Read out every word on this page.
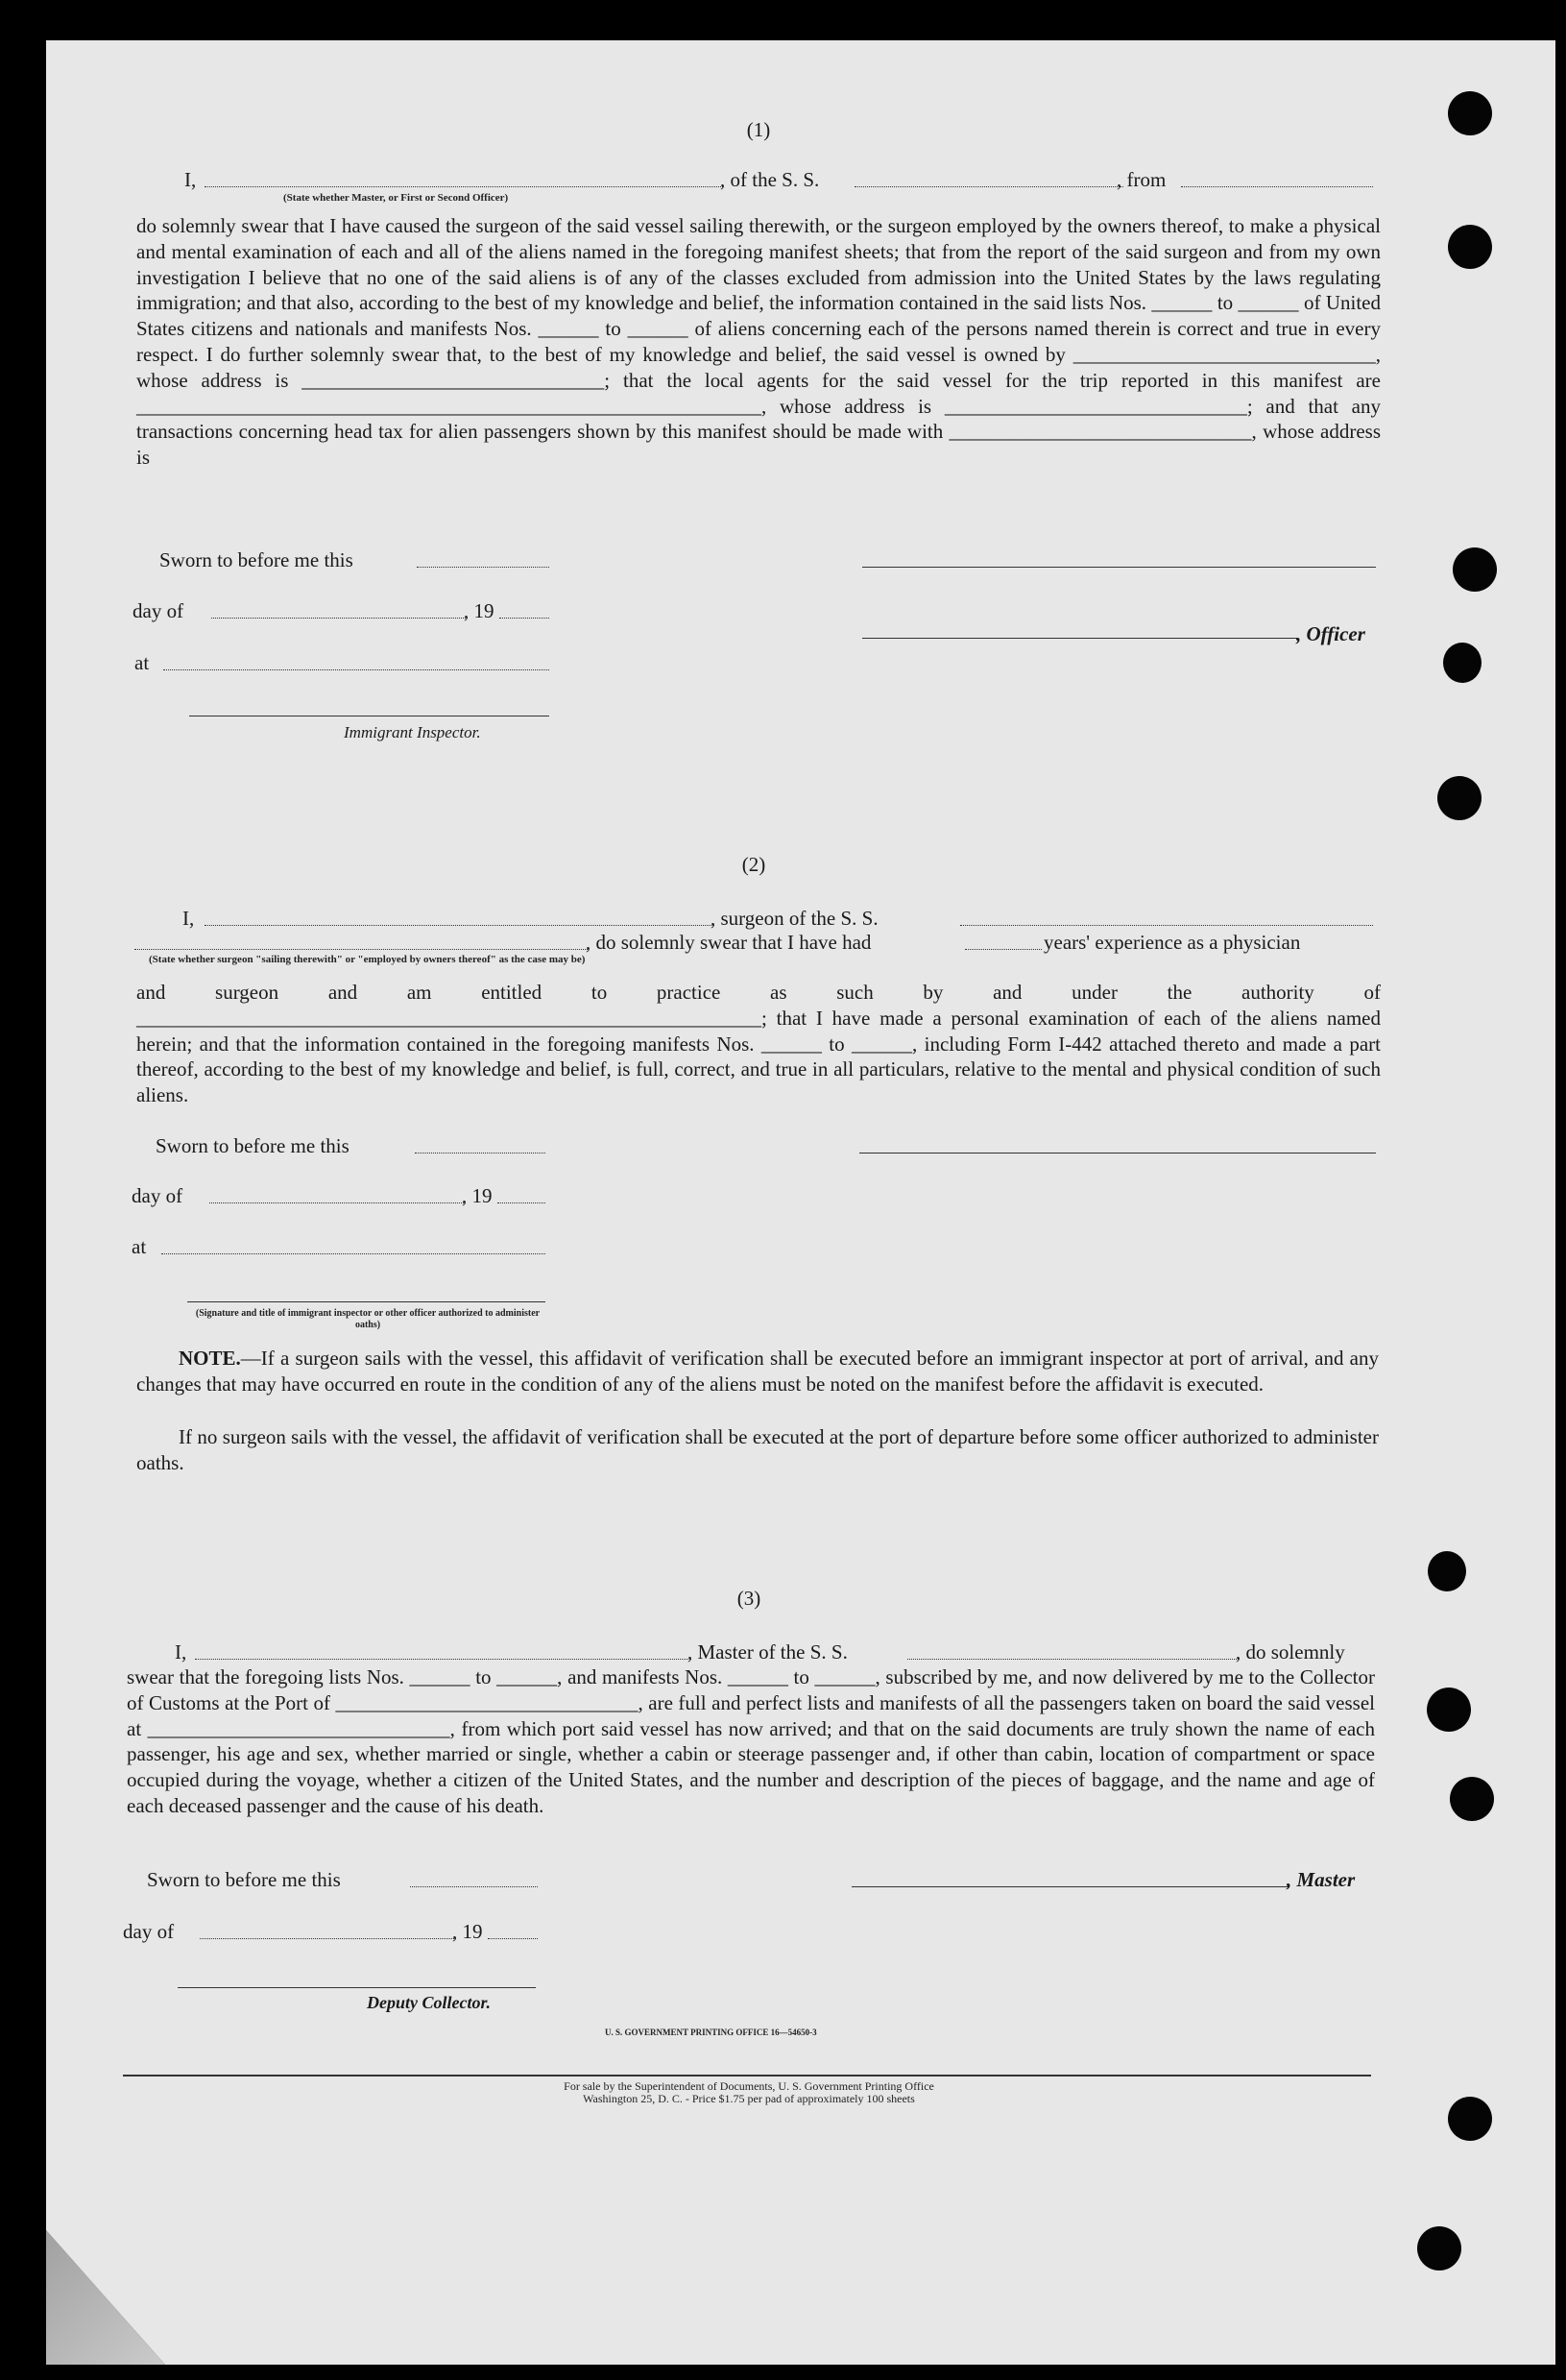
(1)
I,	, of the S. S.	, from
(State whether Master, or First or Second Officer)
do solemnly swear that I have caused the surgeon of the said vessel sailing therewith, or the surgeon employed by the owners thereof, to make a physical and mental examination of each and all of the aliens named in the foregoing manifest sheets; that from the report of the said surgeon and from my own investigation I believe that no one of the said aliens is of any of the classes excluded from admission into the United States by the laws regulating immigration; and that also, according to the best of my knowledge and belief, the information contained in the said lists Nos. ______ to ______ of United States citizens and nationals and manifests Nos. ______ to ______ of aliens concerning each of the persons named therein is correct and true in every respect. I do further solemnly swear that, to the best of my knowledge and belief, the said vessel is owned by ______________________________, whose address is ______________________________; that the local agents for the said vessel for the trip reported in this manifest are ______________________________________________________________, whose address is ______________________________; and that any transactions concerning head tax for alien passengers shown by this manifest should be made with ______________________________, whose address is
Sworn to before me this
day of	, 19
, Officer
at
Immigrant Inspector.
(2)
I,	, surgeon of the S. S.
, do solemnly swear that I have had	years' experience as a physician
(State whether surgeon "sailing therewith" or "employed by owners thereof" as the case may be)
and surgeon and am entitled to practice as such by and under the authority of ______________________________________________________________; that I have made a personal examination of each of the aliens named herein; and that the information contained in the foregoing manifests Nos. ______ to ______, including Form I-442 attached thereto and made a part thereof, according to the best of my knowledge and belief, is full, correct, and true in all particulars, relative to the mental and physical condition of such aliens.
Sworn to before me this
day of	, 19
at
(Signature and title of immigrant inspector or other officer authorized to administer oaths)
NOTE.—If a surgeon sails with the vessel, this affidavit of verification shall be executed before an immigrant inspector at port of arrival, and any changes that may have occurred en route in the condition of any of the aliens must be noted on the manifest before the affidavit is executed.
If no surgeon sails with the vessel, the affidavit of verification shall be executed at the port of departure before some officer authorized to administer oaths.
(3)
I,	, Master of the S. S.	, do solemnly
swear that the foregoing lists Nos. ______ to ______, and manifests Nos. ______ to ______, subscribed by me, and now delivered by me to the Collector of Customs at the Port of ______________________________, are full and perfect lists and manifests of all the passengers taken on board the said vessel at ______________________________, from which port said vessel has now arrived; and that on the said documents are truly shown the name of each passenger, his age and sex, whether married or single, whether a cabin or steerage passenger and, if other than cabin, location of compartment or space occupied during the voyage, whether a citizen of the United States, and the number and description of the pieces of baggage, and the name and age of each deceased passenger and the cause of his death.
Sworn to before me this	, Master
day of	, 19
Deputy Collector.
U. S. GOVERNMENT PRINTING OFFICE 16—54650-3
For sale by the Superintendent of Documents, U. S. Government Printing Office
Washington 25, D. C. - Price $1.75 per pad of approximately 100 sheets
